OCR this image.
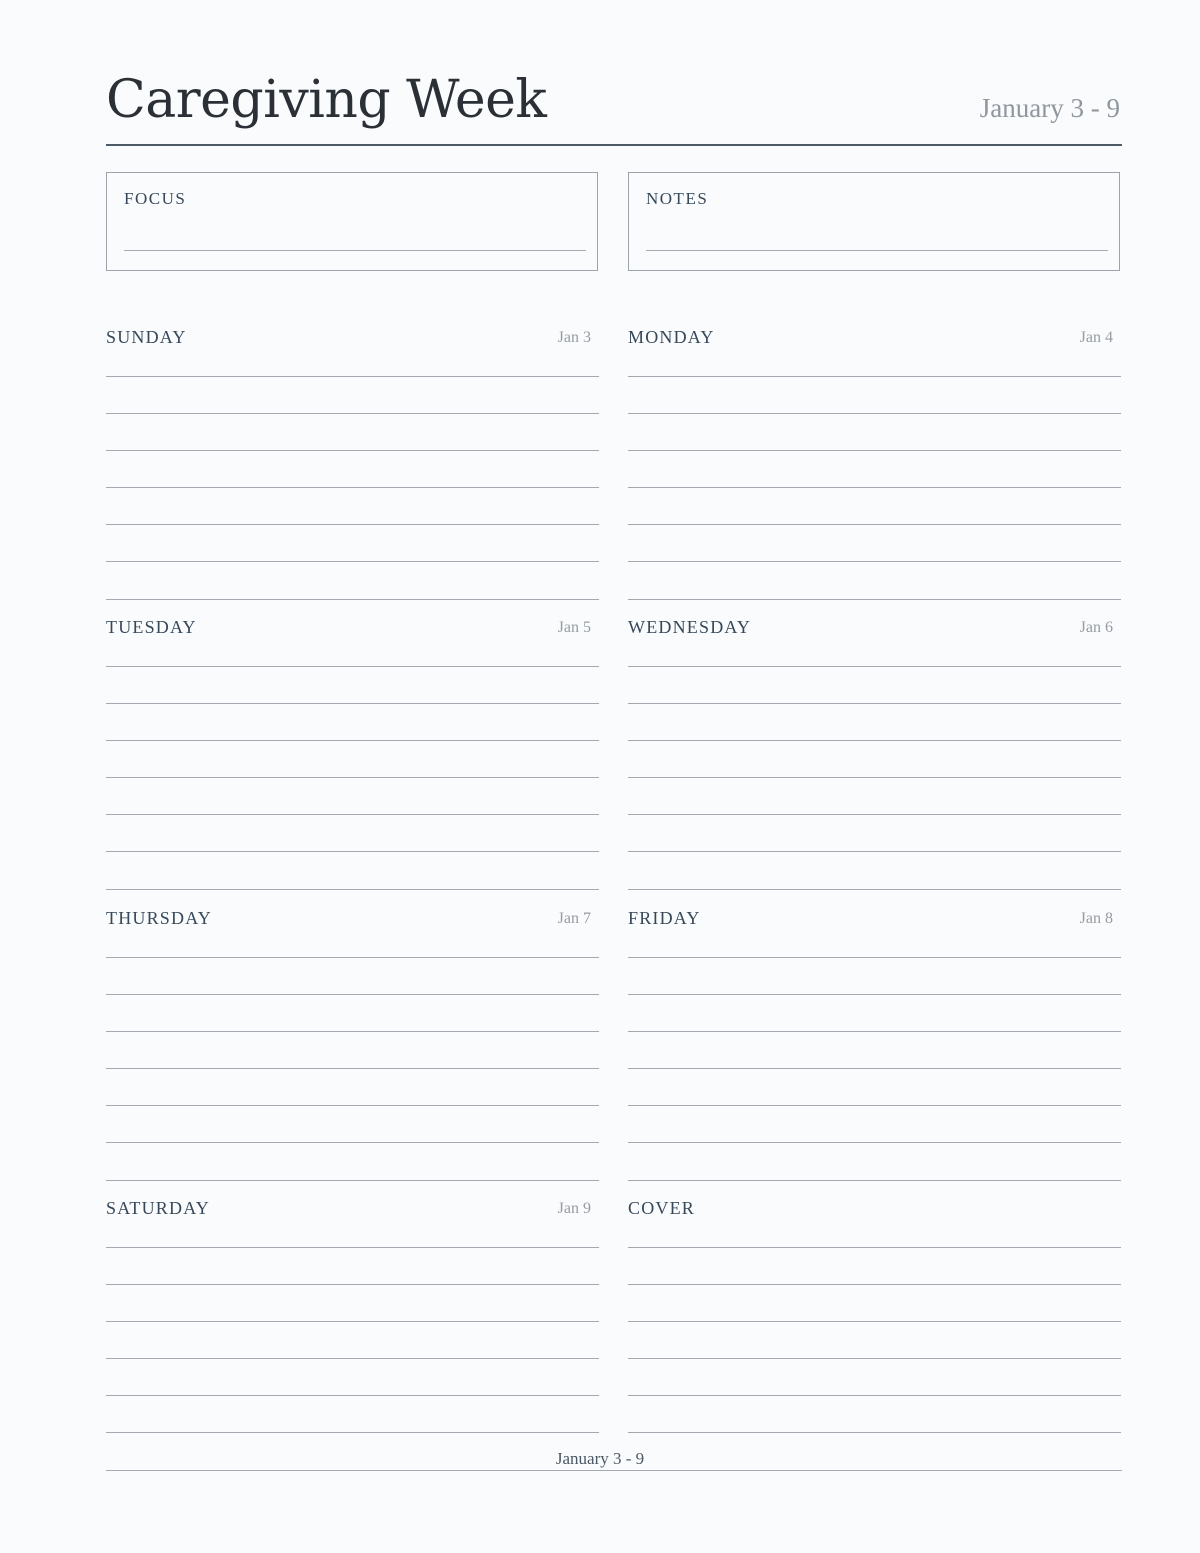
Caregiving Week	January 3 - 9
FOCUS	NOTES
SUNDAY	Jan 3 MONDAY	Jan 4
TUESDAY	Jan 5 WEDNESDAY	Jan 6
THURSDAY	Jan 7 FRIDAY	Jan 8
SATURDAY	Jan 9 COVER
January 3 - 9
